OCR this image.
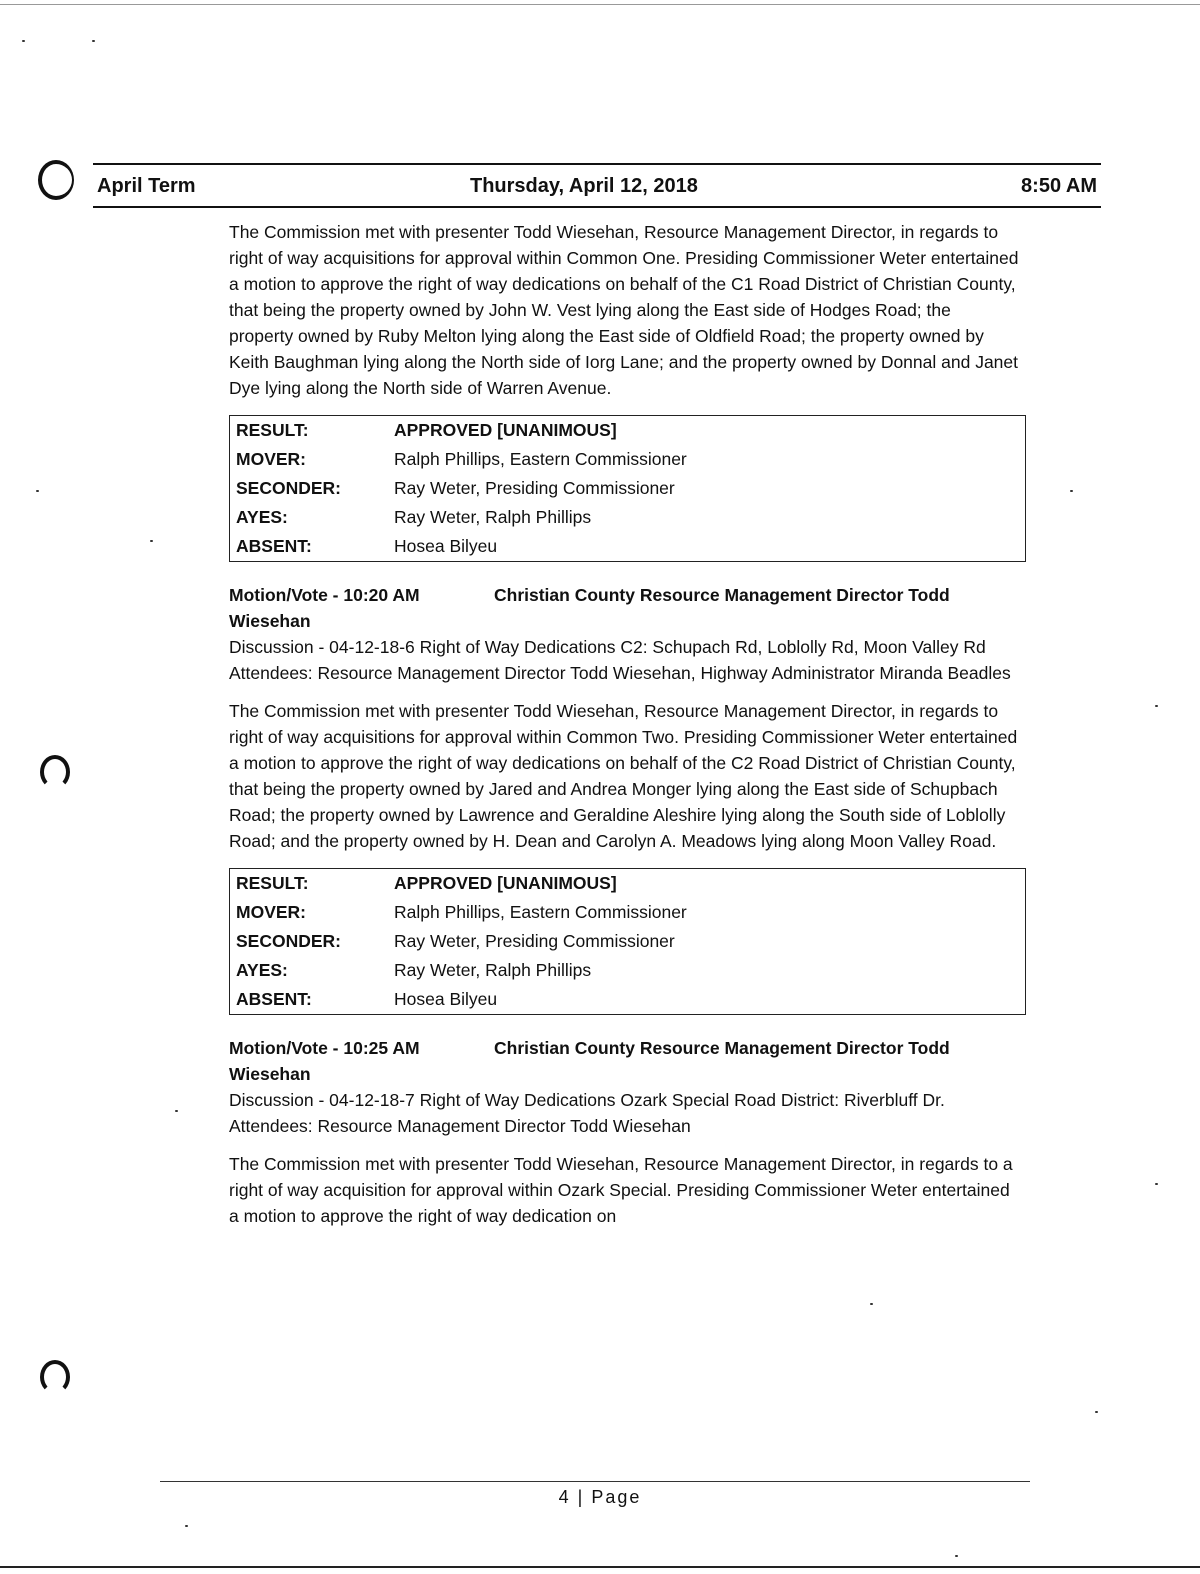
April Term	Thursday, April 12, 2018	8:50 AM

The Commission met with presenter Todd Wiesehan, Resource Management Director, in regards to right of way acquisitions for approval within Common One. Presiding Commissioner Weter entertained a motion to approve the right of way dedications on behalf of the C1 Road District of Christian County, that being the property owned by John W. Vest lying along the East side of Hodges Road; the property owned by Ruby Melton lying along the East side of Oldfield Road; the property owned by Keith Baughman lying along the North side of Iorg Lane; and the property owned by Donnal and Janet Dye lying along the North side of Warren Avenue.

RESULT:	APPROVED [UNANIMOUS]
MOVER:	Ralph Phillips, Eastern Commissioner
SECONDER:	Ray Weter, Presiding Commissioner
AYES:	Ray Weter, Ralph Phillips
ABSENT:	Hosea Bilyeu

Motion/Vote - 10:20 AM	Christian County Resource Management Director Todd Wiesehan

Discussion - 04-12-18-6 Right of Way Dedications C2: Schupach Rd, Loblolly Rd, Moon Valley Rd

Attendees: Resource Management Director Todd Wiesehan, Highway Administrator Miranda Beadles

The Commission met with presenter Todd Wiesehan, Resource Management Director, in regards to right of way acquisitions for approval within Common Two. Presiding Commissioner Weter entertained a motion to approve the right of way dedications on behalf of the C2 Road District of Christian County, that being the property owned by Jared and Andrea Monger lying along the East side of Schupbach Road; the property owned by Lawrence and Geraldine Aleshire lying along the South side of Loblolly Road; and the property owned by H. Dean and Carolyn A. Meadows lying along Moon Valley Road.

RESULT:	APPROVED [UNANIMOUS]
MOVER:	Ralph Phillips, Eastern Commissioner
SECONDER:	Ray Weter, Presiding Commissioner
AYES:	Ray Weter, Ralph Phillips
ABSENT:	Hosea Bilyeu

Motion/Vote - 10:25 AM	Christian County Resource Management Director Todd Wiesehan

Discussion - 04-12-18-7 Right of Way Dedications Ozark Special Road District: Riverbluff Dr.

Attendees: Resource Management Director Todd Wiesehan

The Commission met with presenter Todd Wiesehan, Resource Management Director, in regards to a right of way acquisition for approval within Ozark Special. Presiding Commissioner Weter entertained a motion to approve the right of way dedication on

4 | Page
